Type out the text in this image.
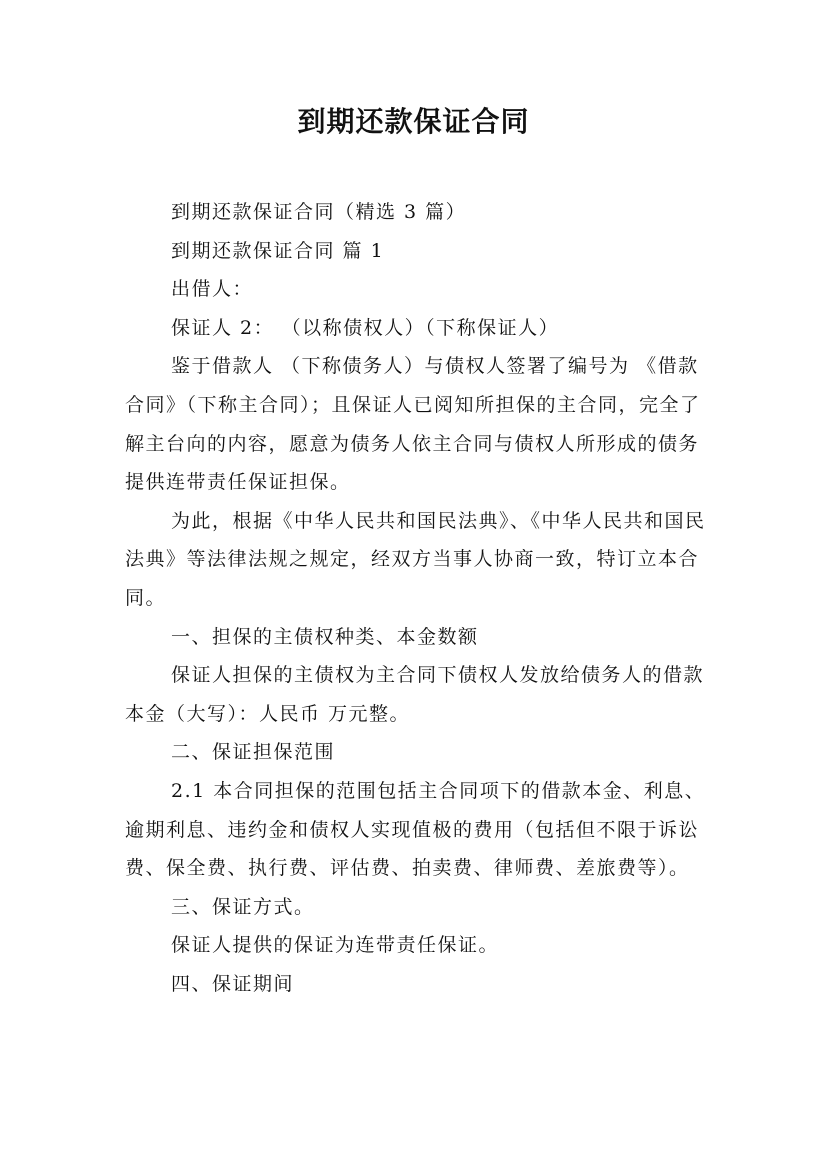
到期还款保证合同

到期还款保证合同（精选 3 篇）

到期还款保证合同 篇 1

出借人：

保证人 2： （以称债权人）（下称保证人）

鉴于借款人 （下称债务人）与债权人签署了编号为 《借款合同》（下称主合同）；且保证人已阅知所担保的主合同，完全了解主台向的内容，愿意为债务人依主合同与债权人所形成的债务提供连带责任保证担保。

为此，根据《中华人民共和国民法典》、《中华人民共和国民法典》等法律法规之规定，经双方当事人协商一致，特订立本合同。

一、担保的主债权种类、本金数额

保证人担保的主债权为主合同下债权人发放给债务人的借款本金（大写）：人民币 万元整。

二、保证担保范围

2.1 本合同担保的范围包括主合同项下的借款本金、利息、逾期利息、违约金和债权人实现值极的费用（包括但不限于诉讼费、保全费、执行费、评估费、拍卖费、律师费、差旅费等）。

三、保证方式。

保证人提供的保证为连带责任保证。

四、保证期间
